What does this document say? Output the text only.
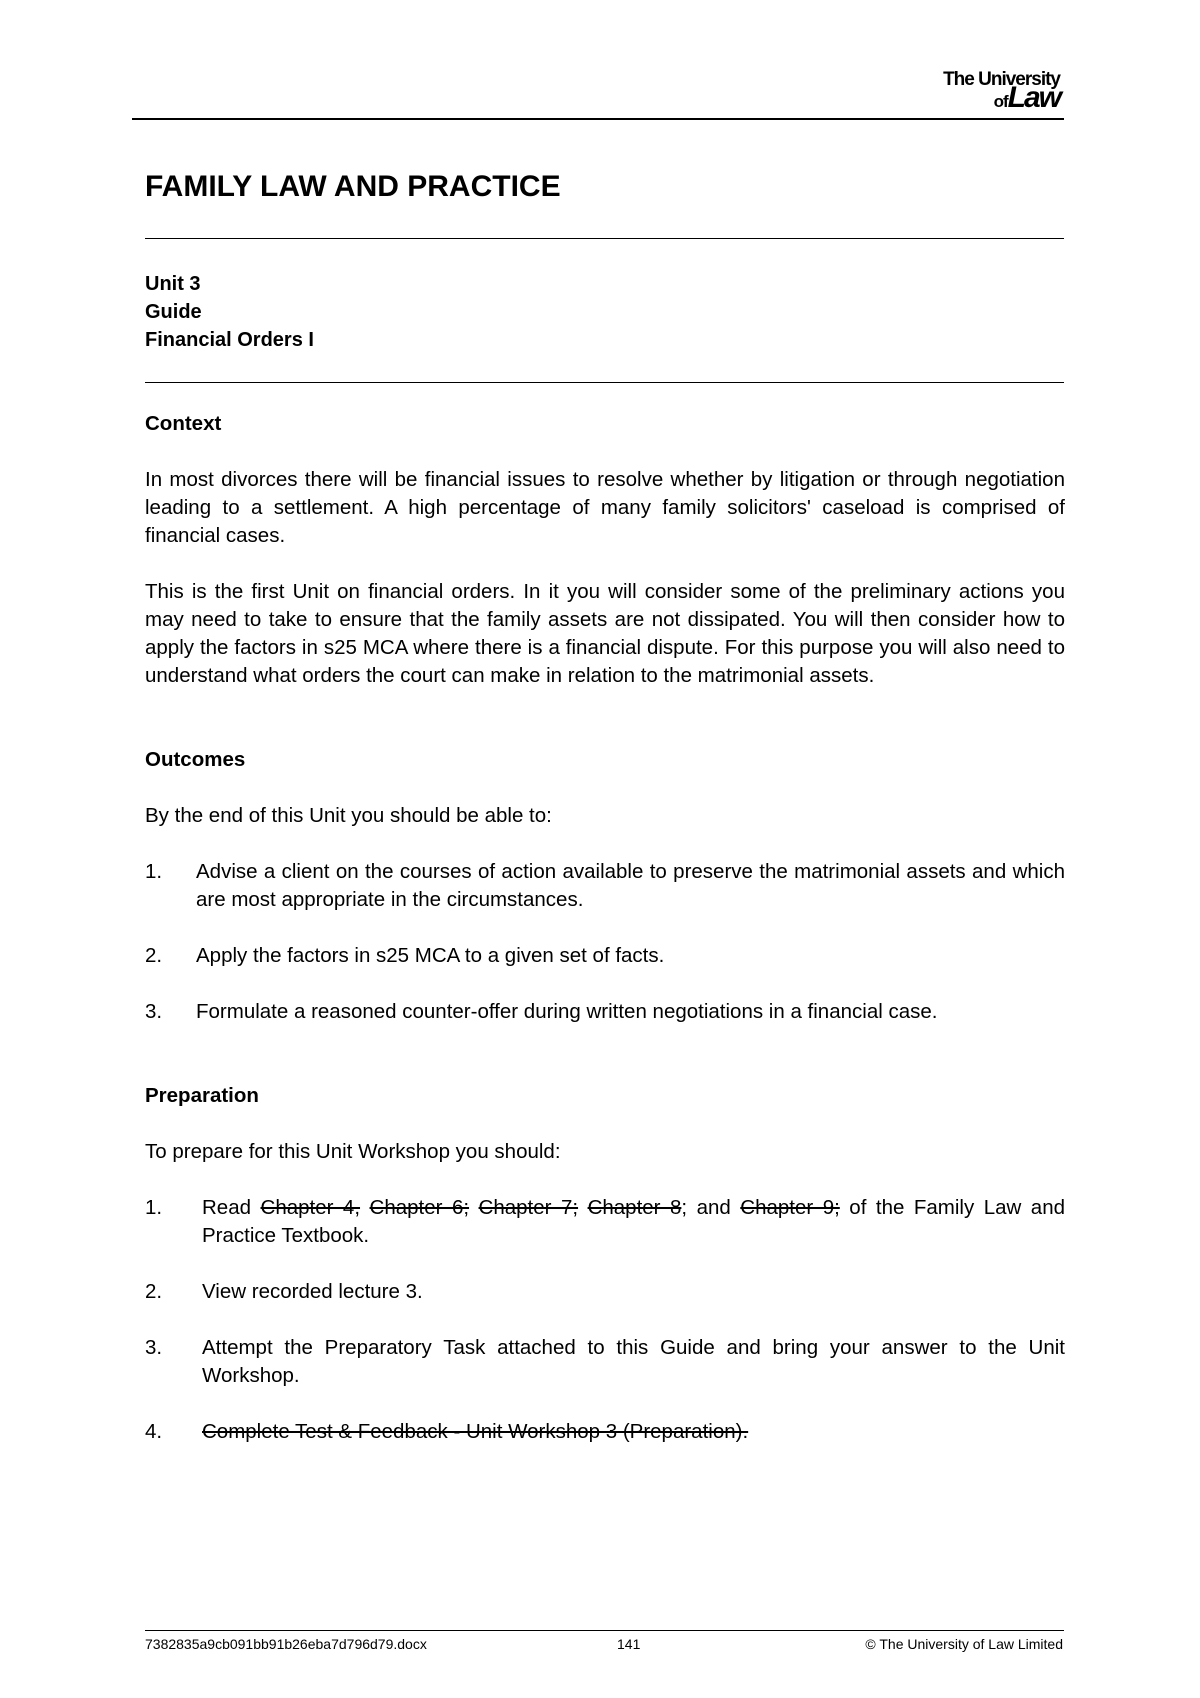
The University
ofLaw
FAMILY LAW AND PRACTICE
Unit 3
Guide
Financial Orders I
Context

In most divorces there will be financial issues to resolve whether by litigation or through negotiation leading to a settlement. A high percentage of many family solicitors' caseload is comprised of financial cases.

This is the first Unit on financial orders. In it you will consider some of the preliminary actions you may need to take to ensure that the family assets are not dissipated. You will then consider how to apply the factors in s25 MCA where there is a financial dispute. For this purpose you will also need to understand what orders the court can make in relation to the matrimonial assets.

Outcomes

By the end of this Unit you should be able to:

1.	Advise a client on the courses of action available to preserve the matrimonial assets and which are most appropriate in the circumstances.
2.	Apply the factors in s25 MCA to a given set of facts.
3.	Formulate a reasoned counter-offer during written negotiations in a financial case.
Preparation

To prepare for this Unit Workshop you should:

1.	Read Chapter 4, Chapter 6; Chapter 7; Chapter 8; and Chapter 9; of the Family Law and Practice Textbook.
2.	View recorded lecture 3.
3.	Attempt the Preparatory Task attached to this Guide and bring your answer to the Unit Workshop.
4.	Complete Test & Feedback - Unit Workshop 3 (Preparation).
7382835a9cb091bb91b26eba7d796d79.docx	141	© The University of Law Limited
